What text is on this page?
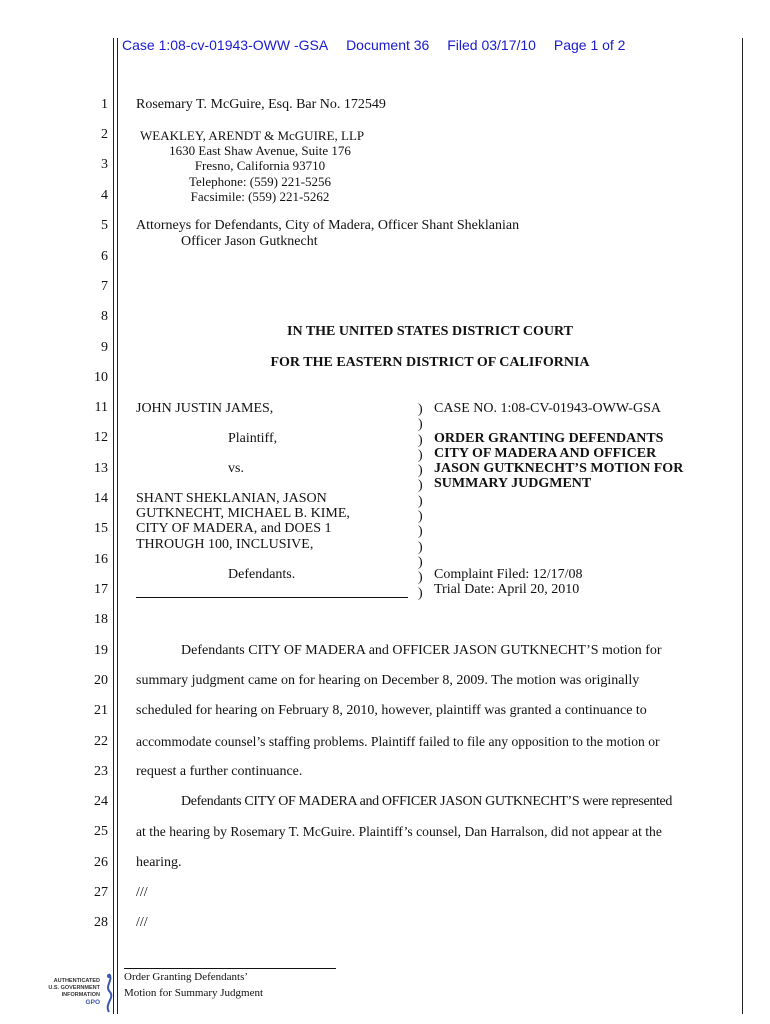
Case 1:08-cv-01943-OWW -GSA Document 36 Filed 03/17/10 Page 1 of 2
1
2
3
4
5
6
7
8
9
10
11
12
13
14
15
16
17
18
19
20
21
22
23
24
25
26
27
28
Rosemary T. McGuire, Esq. Bar No. 172549
WEAKLEY, ARENDT & McGUIRE, LLP
1630 East Shaw Avenue, Suite 176
Fresno, California 93710
Telephone: (559) 221-5256
Facsimile: (559) 221-5262
Attorneys for Defendants, City of Madera, Officer Shant Sheklanian
Officer Jason Gutknecht
IN THE UNITED STATES DISTRICT COURT
FOR THE EASTERN DISTRICT OF CALIFORNIA
JOHN JUSTIN JAMES,
Plaintiff,
vs.
SHANT SHEKLANIAN, JASON
GUTKNECHT, MICHAEL B. KIME,
CITY OF MADERA, and DOES 1
THROUGH 100, INCLUSIVE,
Defendants.
)
)
)
)
)
)
)
)
)
)
)
)
)
CASE NO. 1:08-CV-01943-OWW-GSA
ORDER GRANTING DEFENDANTS
CITY OF MADERA AND OFFICER
JASON GUTKNECHT’S MOTION FOR
SUMMARY JUDGMENT
Complaint Filed: 12/17/08
Trial Date: April 20, 2010
Defendants CITY OF MADERA and OFFICER JASON GUTKNECHT’S motion for
summary judgment came on for hearing on December 8, 2009. The motion was originally
scheduled for hearing on February 8, 2010, however, plaintiff was granted a continuance to
accommodate counsel’s staffing problems. Plaintiff failed to file any opposition to the motion or
request a further continuance.
Defendants CITY OF MADERA and OFFICER JASON GUTKNECHT’S were represented
at the hearing by Rosemary T. McGuire. Plaintiff’s counsel, Dan Harralson, did not appear at the
hearing.
///
///
Order Granting Defendants’
Motion for Summary Judgment
AUTHENTICATED
U.S. GOVERNMENT
INFORMATION
GPO
